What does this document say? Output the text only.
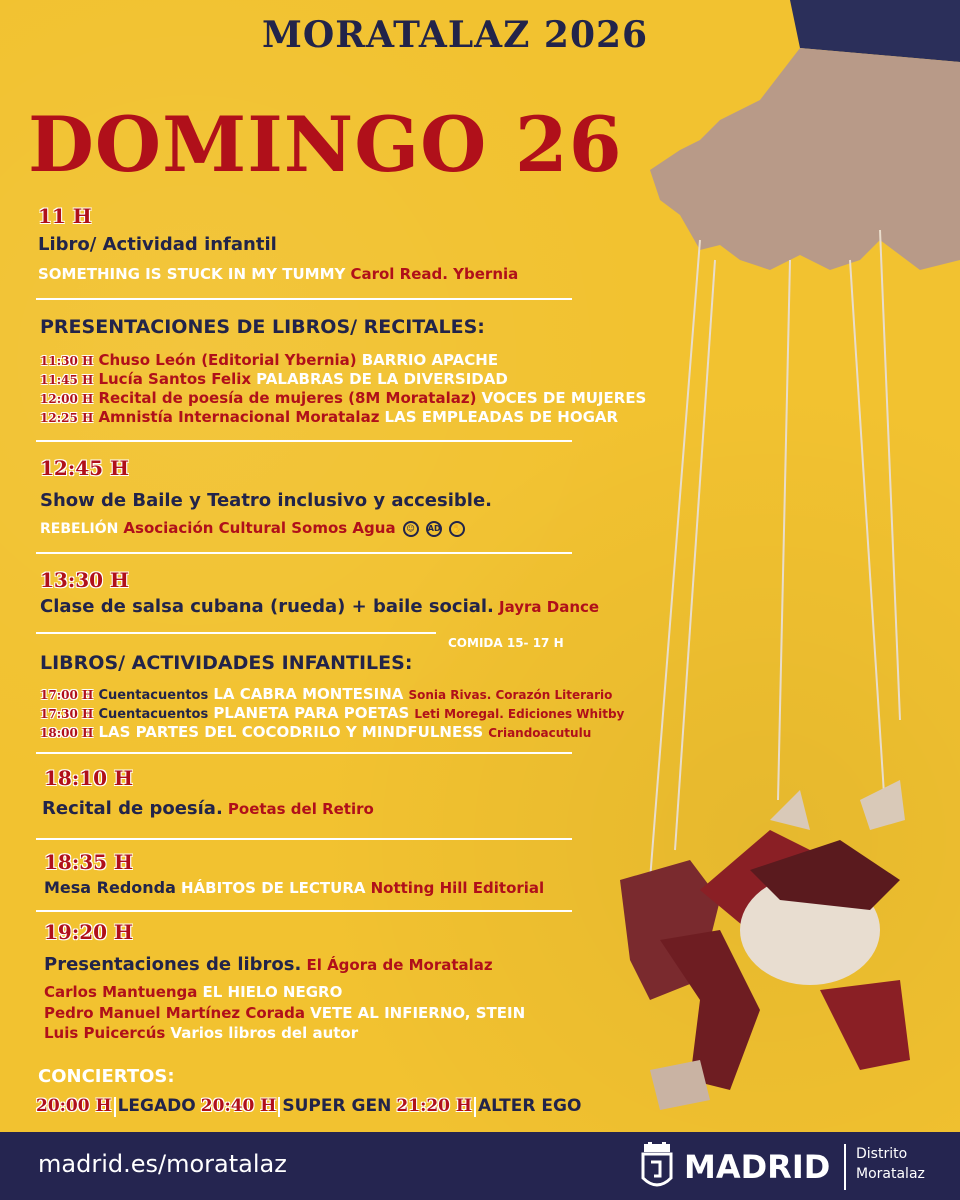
MORATALAZ 2026
DOMINGO 26
11 H
Libro/ Actividad infantil
SOMETHING IS STUCK IN MY TUMMY Carol Read. Ybernia
PRESENTACIONES DE LIBROS/ RECITALES:
11:30 H Chuso León (Editorial Ybernia) BARRIO APACHE
11:45 H Lucía Santos Felix PALABRAS DE LA DIVERSIDAD
12:00 H Recital de poesía de mujeres (8M Moratalaz) VOCES DE MUJERES
12:25 H Amnistía Internacional Moratalaz LAS EMPLEADAS DE HOGAR
12:45 H
Show de Baile y Teatro inclusivo y accesible.
REBELIÓN Asociación Cultural Somos Agua ☺ AD ✋
13:30 H
Clase de salsa cubana (rueda) + baile social. Jayra Dance
COMIDA 15- 17 H
LIBROS/ ACTIVIDADES INFANTILES:
17:00 H Cuentacuentos LA CABRA MONTESINA Sonia Rivas. Corazón Literario
17:30 H Cuentacuentos PLANETA PARA POETAS Leti Moregal. Ediciones Whitby
18:00 H LAS PARTES DEL COCODRILO Y MINDFULNESS Criandoacutulu
18:10 H
Recital de poesía. Poetas del Retiro
18:35 H
Mesa Redonda HÁBITOS DE LECTURA Notting Hill Editorial
19:20 H
Presentaciones de libros. El Ágora de Moratalaz
Carlos Mantuenga EL HIELO NEGRO
Pedro Manuel Martínez Corada VETE AL INFIERNO, STEIN
Luis Puicercús Varios libros del autor
CONCIERTOS:
20:00 H LEGADO 20:40 H SUPER GEN 21:20 H ALTER EGO
madrid.es/moratalaz	MADRID Distrito
Moratalaz
